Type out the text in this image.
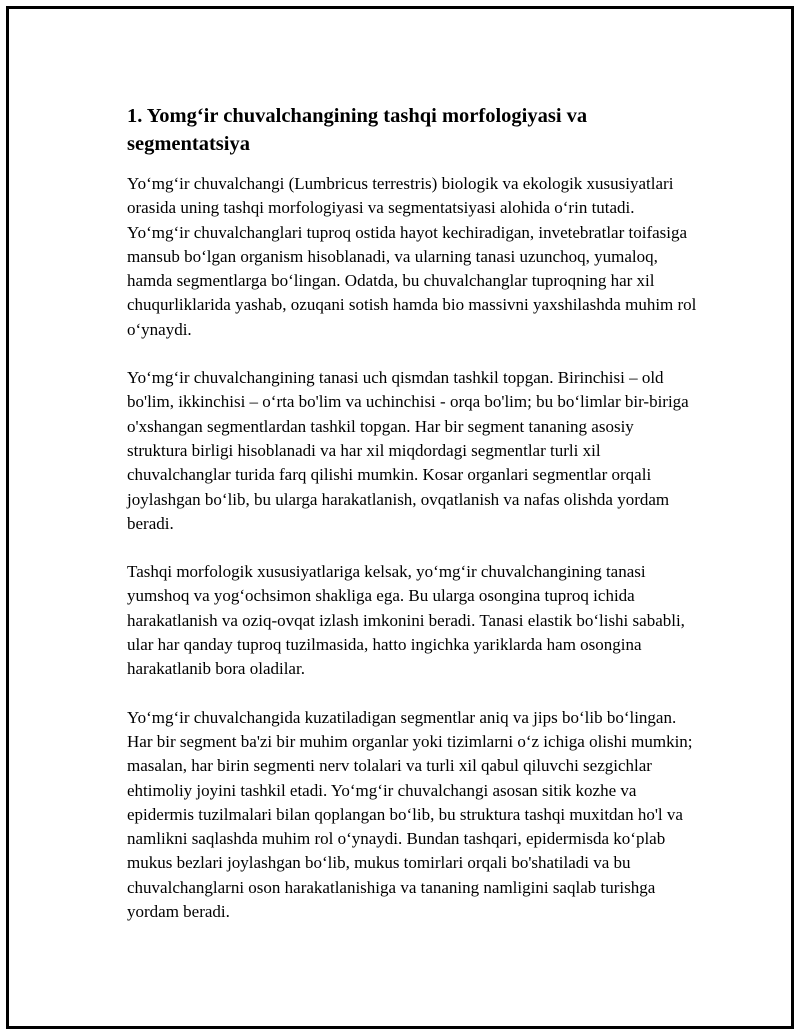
1. Yomg‘ir chuvalchangining tashqi morfologiyasi va segmentatsiya

Yo‘mg‘ir chuvalchangi (Lumbricus terrestris) biologik va ekologik xususiyatlari orasida uning tashqi morfologiyasi va segmentatsiyasi alohida o‘rin tutadi. Yo‘mg‘ir chuvalchanglari tuproq ostida hayot kechiradigan, invetebratlar toifasiga mansub bo‘lgan organism hisoblanadi, va ularning tanasi uzunchoq, yumaloq, hamda segmentlarga bo‘lingan. Odatda, bu chuvalchanglar tuproqning har xil chuqurliklarida yashab, ozuqani sotish hamda bio massivni yaxshilashda muhim rol o‘ynaydi.

Yo‘mg‘ir chuvalchangining tanasi uch qismdan tashkil topgan. Birinchisi – old bo'lim, ikkinchisi – o‘rta bo'lim va uchinchisi - orqa bo'lim; bu bo‘limlar bir-biriga o'xshangan segmentlardan tashkil topgan. Har bir segment tananing asosiy struktura birligi hisoblanadi va har xil miqdordagi segmentlar turli xil chuvalchanglar turida farq qilishi mumkin. Kosar organlari segmentlar orqali joylashgan bo‘lib, bu ularga harakatlanish, ovqatlanish va nafas olishda yordam beradi.

Tashqi morfologik xususiyatlariga kelsak, yo‘mg‘ir chuvalchangining tanasi yumshoq va yog‘ochsimon shakliga ega. Bu ularga osongina tuproq ichida harakatlanish va oziq-ovqat izlash imkonini beradi. Tanasi elastik bo‘lishi sababli, ular har qanday tuproq tuzilmasida, hatto ingichka yariklarda ham osongina harakatlanib bora oladilar.

Yo‘mg‘ir chuvalchangida kuzatiladigan segmentlar aniq va jips bo‘lib bo‘lingan. Har bir segment ba'zi bir muhim organlar yoki tizimlarni o‘z ichiga olishi mumkin; masalan, har birin segmenti nerv tolalari va turli xil qabul qiluvchi sezgichlar ehtimoliy joyini tashkil etadi. Yo‘mg‘ir chuvalchangi asosan sitik kozhe va epidermis tuzilmalari bilan qoplangan bo‘lib, bu struktura tashqi muxitdan ho'l va namlikni saqlashda muhim rol o‘ynaydi. Bundan tashqari, epidermisda ko‘plab mukus bezlari joylashgan bo‘lib, mukus tomirlari orqali bo'shatiladi va bu chuvalchanglarni oson harakatlanishiga va tananing namligini saqlab turishga yordam beradi.
